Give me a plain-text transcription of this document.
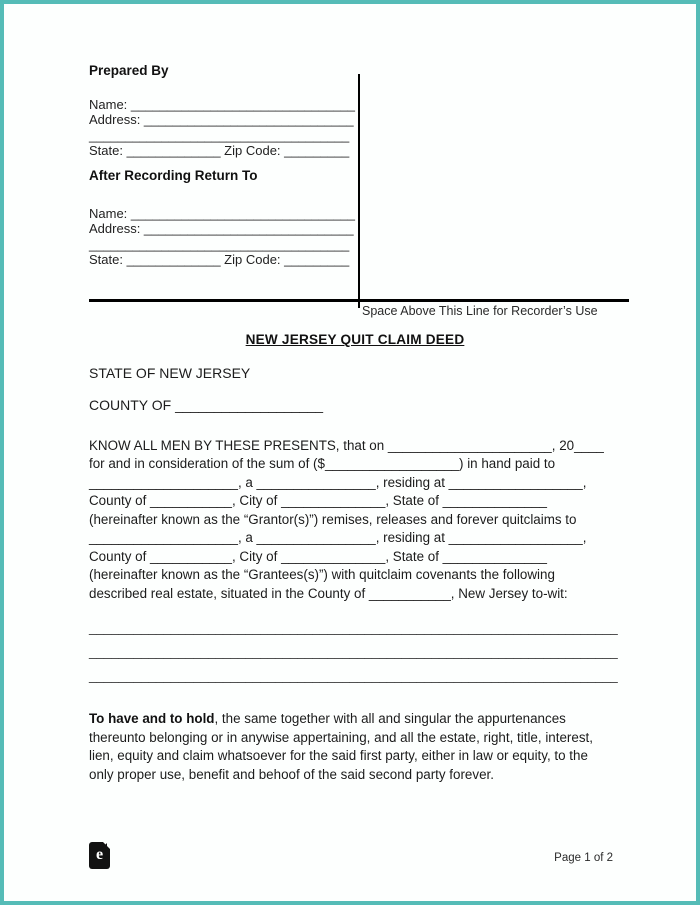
Prepared By
Name: _______________________________
Address: _____________________________
____________________________________
State: _____________ Zip Code: _________
After Recording Return To
Name: _______________________________
Address: _____________________________
____________________________________
State: _____________ Zip Code: _________
Space Above This Line for Recorder’s Use
NEW JERSEY QUIT CLAIM DEED
STATE OF NEW JERSEY
COUNTY OF ___________________
KNOW ALL MEN BY THESE PRESENTS, that on ______________________, 20____
for and in consideration of the sum of ($__________________) in hand paid to
____________________, a ________________, residing at __________________,
County of ___________, City of ______________, State of ______________
(hereinafter known as the “Grantor(s)”) remises, releases and forever quitclaims to
____________________, a ________________, residing at __________________,
County of ___________, City of ______________, State of ______________
(hereinafter known as the “Grantees(s)”) with quitclaim covenants the following
described real estate, situated in the County of ___________, New Jersey to-wit:
_______________________________________________________________________
_______________________________________________________________________
_______________________________________________________________________
To have and to hold, the same together with all and singular the appurtenances
thereunto belonging or in anywise appertaining, and all the estate, right, title, interest,
lien, equity and claim whatsoever for the said first party, either in law or equity, to the
only proper use, benefit and behoof of the said second party forever.
e	Page 1 of 2
